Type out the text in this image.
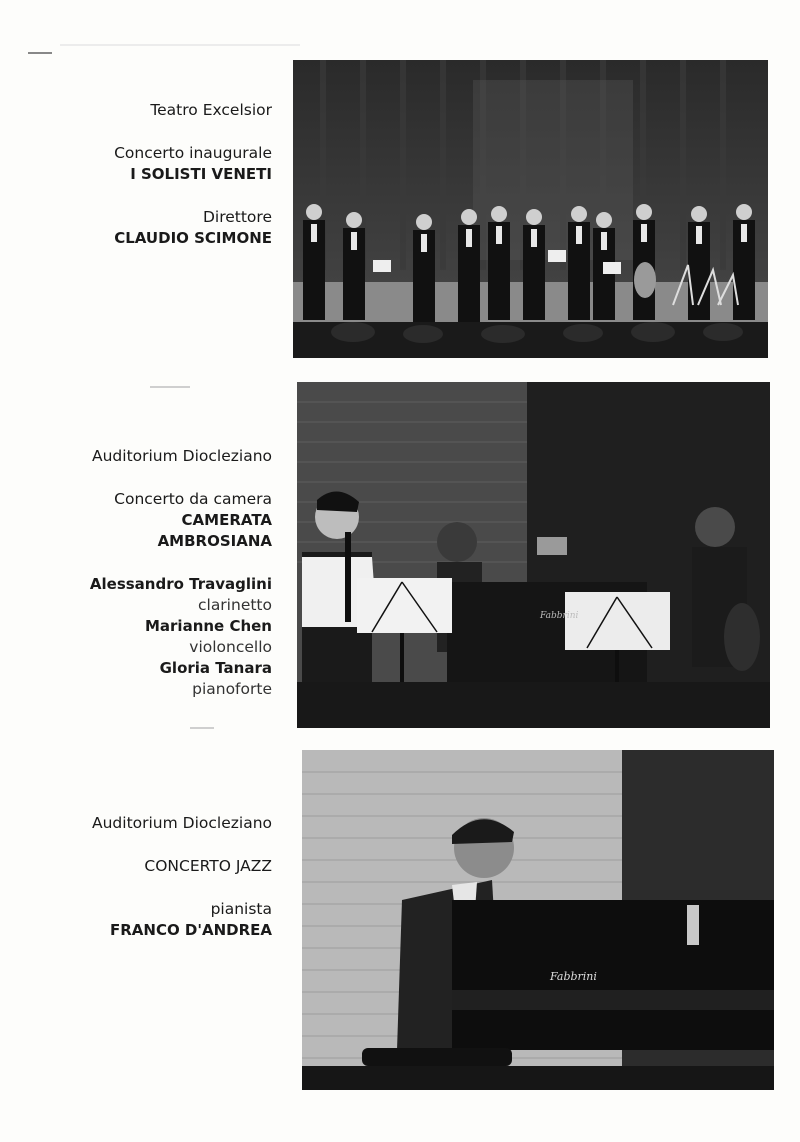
Teatro Excelsior
Concerto inaugurale
I SOLISTI VENETI
Direttore
CLAUDIO SCIMONE
Auditorium Diocleziano
Concerto da camera
CAMERATA
AMBROSIANA
Alessandro Travaglini
clarinetto
Marianne Chen
violoncello
Gloria Tanara
pianoforte
Fabbrini
Auditorium Diocleziano
CONCERTO JAZZ
pianista
FRANCO D'ANDREA
Fabbrini
